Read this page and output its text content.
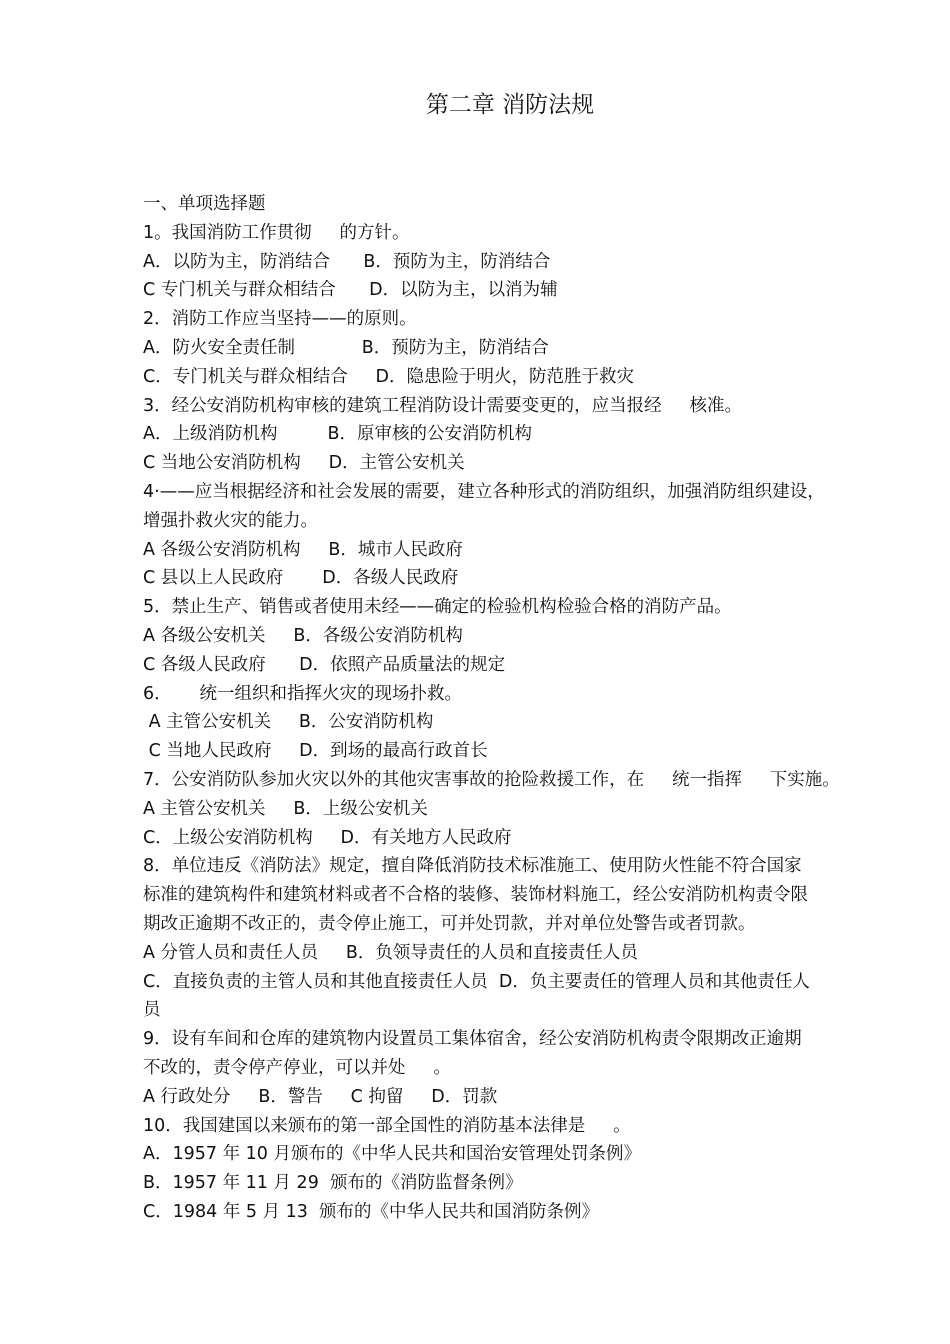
第二章 消防法规
一、单项选择题
1。我国消防工作贯彻     的方针。
A．以防为主，防消结合      B．预防为主，防消结合
C 专门机关与群众相结合      D．以防为主，以消为辅
2．消防工作应当坚持——的原则。
A．防火安全责任制            B．预防为主，防消结合
C．专门机关与群众相结合     D．隐患险于明火，防范胜于救灾
3．经公安消防机构审核的建筑工程消防设计需要变更的，应当报经     核准。
A．上级消防机构         B．原审核的公安消防机构
C 当地公安消防机构     D．主管公安机关
4·——应当根据经济和社会发展的需要，建立各种形式的消防组织，加强消防组织建设，
增强扑救火灾的能力。
A 各级公安消防机构     B．城市人民政府
C 县以上人民政府       D．各级人民政府
5．禁止生产、销售或者使用未经——确定的检验机构检验合格的消防产品。
A 各级公安机关     B．各级公安消防机构
C 各级人民政府      D．依照产品质量法的规定
6．     统一组织和指挥火灾的现场扑救。
A 主管公安机关     B．公安消防机构
C 当地人民政府     D．到场的最高行政首长
7．公安消防队参加火灾以外的其他灾害事故的抢险救援工作，在     统一指挥     下实施。
A 主管公安机关     B．上级公安机关
C．上级公安消防机构     D．有关地方人民政府
8．单位违反《消防法》规定，擅自降低消防技术标准施工、使用防火性能不符合国家
标准的建筑构件和建筑材料或者不合格的装修、装饰材料施工，经公安消防机构责令限
期改正逾期不改正的，责令停止施工，可并处罚款，并对单位处警告或者罚款。
A 分管人员和责任人员     B．负领导责任的人员和直接责任人员
C．直接负责的主管人员和其他直接责任人员  D．负主要责任的管理人员和其他责任人
员
9．设有车间和仓库的建筑物内设置员工集体宿舍，经公安消防机构责令限期改正逾期
不改的，责令停产停业，可以并处     。
A 行政处分     B．警告     C 拘留     D．罚款
10．我国建国以来颁布的第一部全国性的消防基本法律是     。
A．1957 年 10 月颁布的《中华人民共和国治安管理处罚条例》
B．1957 年 11 月 29  颁布的《消防监督条例》
C．1984 年 5 月 13  颁布的《中华人民共和国消防条例》
